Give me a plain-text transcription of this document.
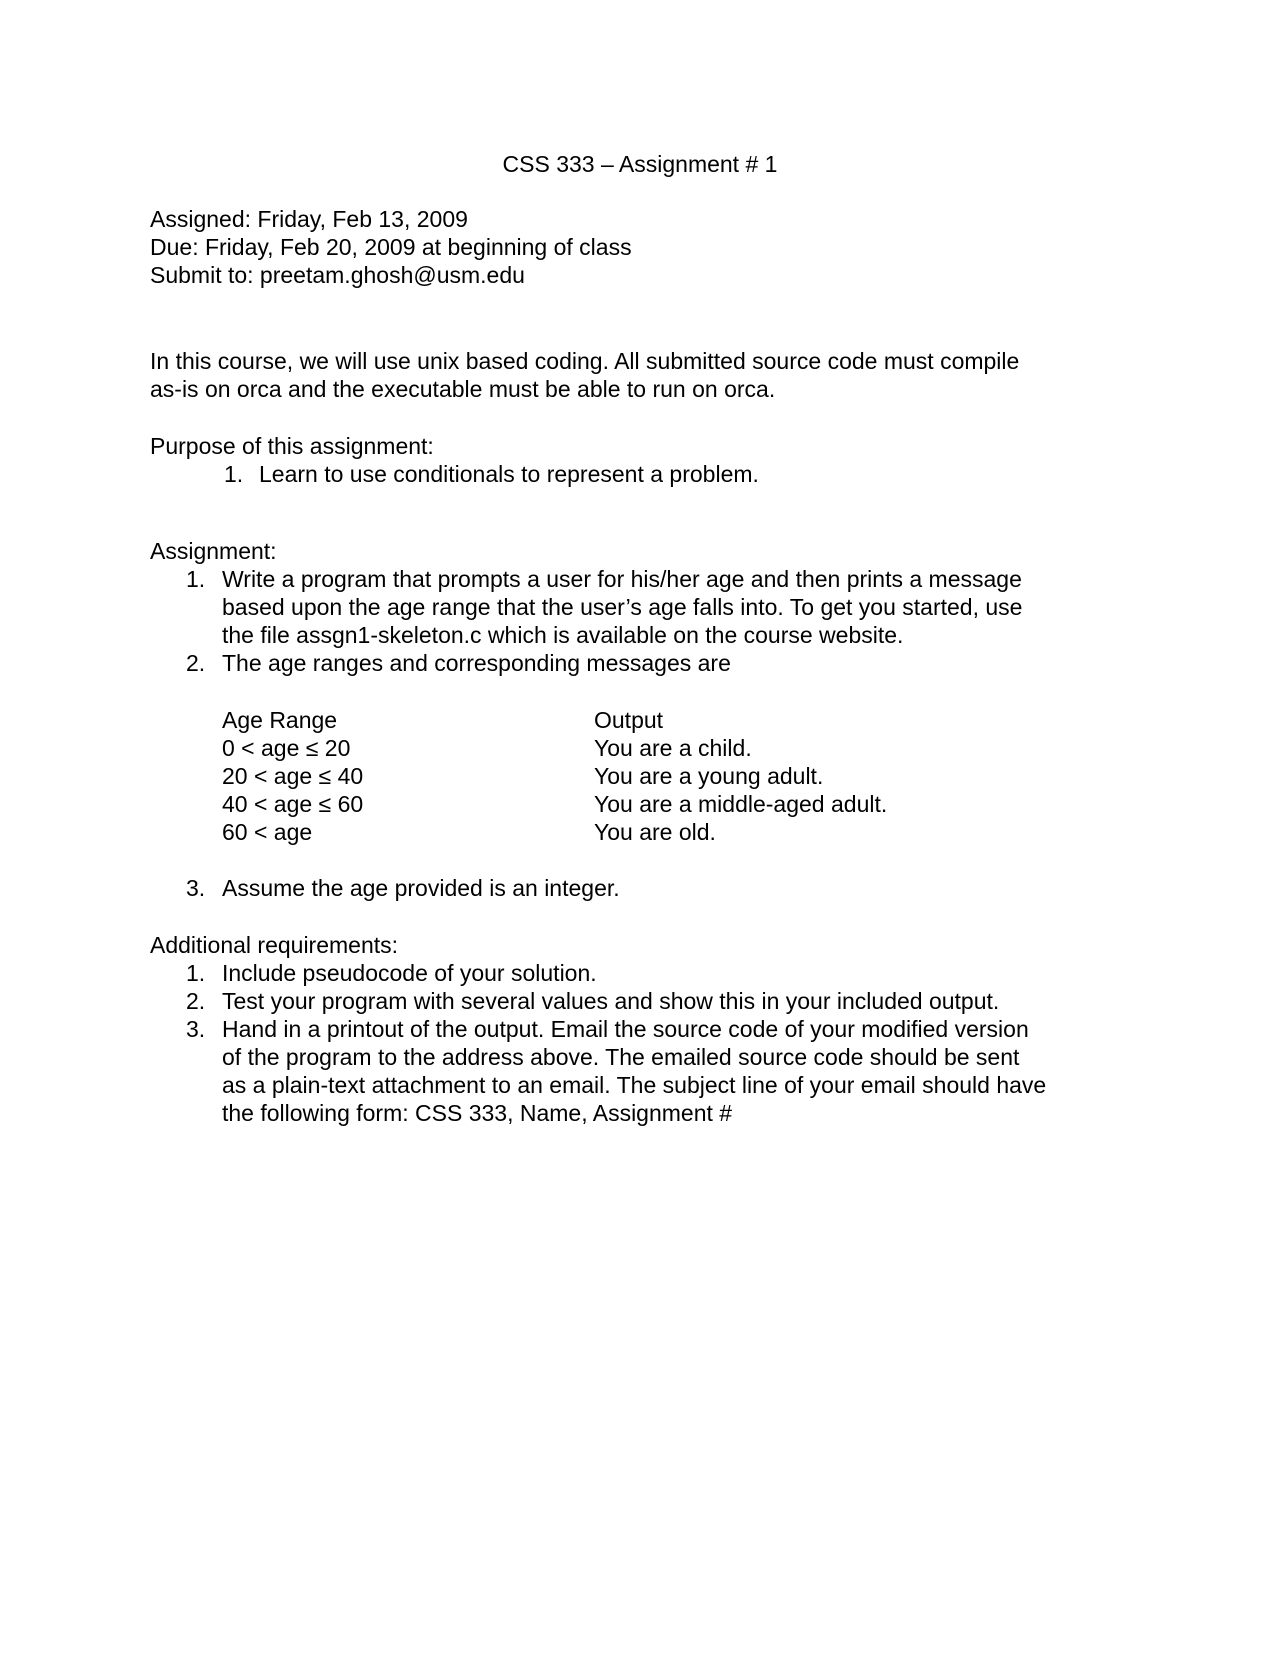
CSS 333 – Assignment # 1
Assigned: Friday, Feb 13, 2009
Due: Friday, Feb 20, 2009 at beginning of class
Submit to: preetam.ghosh@usm.edu
In this course, we will use unix based coding. All submitted source code must compile
as-is on orca and the executable must be able to run on orca.
Purpose of this assignment:
1. Learn to use conditionals to represent a problem.
Assignment:
1. Write a program that prompts a user for his/her age and then prints a message
based upon the age range that the user’s age falls into. To get you started, use
the file assgn1-skeleton.c which is available on the course website.
2. The age ranges and corresponding messages are
Age Range	Output
0 < age ≤ 20	You are a child.
20 < age ≤ 40	You are a young adult.
40 < age ≤ 60	You are a middle-aged adult.
60 < age	You are old.
3. Assume the age provided is an integer.
Additional requirements:
1. Include pseudocode of your solution.
2. Test your program with several values and show this in your included output.
3. Hand in a printout of the output. Email the source code of your modified version
of the program to the address above. The emailed source code should be sent
as a plain-text attachment to an email. The subject line of your email should have
the following form: CSS 333, Name, Assignment #
